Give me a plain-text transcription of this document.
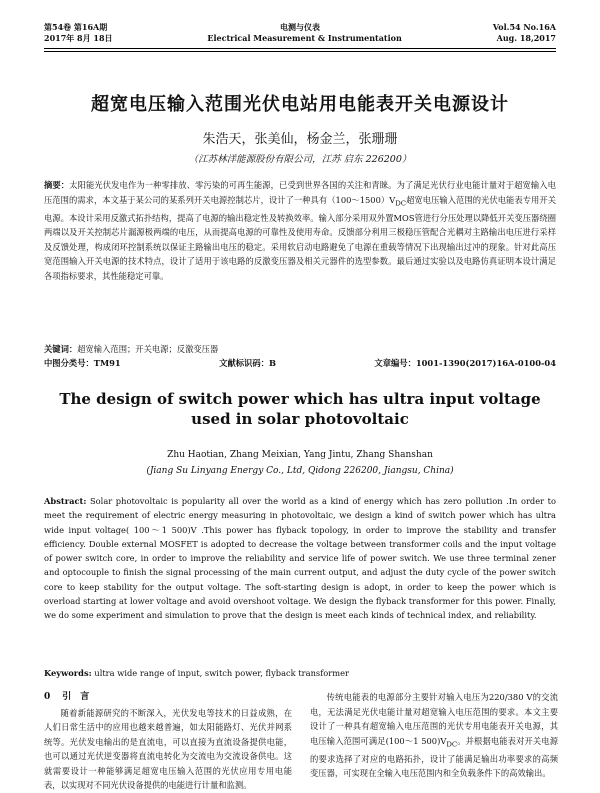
第54卷 第16A期	电测与仪表	Vol.54 No.16A
2017年 8月 18日	Electrical Measurement & Instrumentation	Aug. 18,2017
超宽电压输入范围光伏电站用电能表开关电源设计
朱浩天，张美仙，杨金兰，张珊珊
（江苏林洋能源股份有限公司，江苏 启东 226200）
摘要：太阳能光伏发电作为一种零排放、零污染的可再生能源，已受到世界各国的关注和青睐。为了满足光伏行业电能计量对于超宽输入电压范围的需求，本文基于某公司的某系列开关电源控制芯片，设计了一种具有$(100\sim 1500)V_{DC}$超宽电压输入范围的光伏电能表专用开关电源。本设计采用反激式拓扑结构，提高了电源的输出稳定性及转换效率。输入部分采用双外置MOS管进行分压处理以降低开关变压器绕圈两端以及开关控制芯片漏源极两端的电压，从而提高电源的可靠性及使用寿命。反馈部分利用三极稳压管配合光耦对主路输出电压进行采样及反馈处理，构成闭环控制系统以保证主路输出电压的稳定。采用软启动电路避免了电源在重载等情况下出现输出过冲的现象。针对此高压宽范围输入开关电源的技术特点，设计了适用于该电路的反激变压器及相关元器件的选型参数。最后通过实验以及电路仿真证明本设计满足各项指标要求，其性能稳定可靠。
关键词：超宽输入范围；开关电源；反激变压器
中图分类号：TM91	文献标识码：B	文章编号：1001-1390(2017)16A-0100-04
The design of switch power which has ultra input voltage used in solar photovoltaic
Zhu Haotian, Zhang Meixian, Yang Jintu, Zhang Shanshan
(Jiang Su Linyang Energy Co., Ltd, Qidong 226200, Jiangsu, China)
Abstract: Solar photovoltaic is popularity all over the world as a kind of energy which has zero pollution .In order to meet the requirement of electric energy measuring in photovoltaic, we design a kind of switch power which has ultra wide input voltage( 100～1 500)V .This power has flyback topology, in order to improve the stability and transfer efficiency. Double external MOSFET is adopted to decrease the voltage between transformer coils and the input voltage of power switch core, in order to improve the reliability and service life of power switch. We use three terminal zener and optocouple to finish the signal processing of the main current output, and adjust the duty cycle of the power switch core to keep stability for the output voltage. The soft-starting design is adopt, in order to keep the power which is overload starting at lower voltage and avoid overshoot voltage. We design the flyback transformer for this power. Finally, we do some experiment and simulation to prove that the design is meet each kinds of technical index, and reliability.
Keywords: ultra wide range of input, switch power, flyback transformer
0 引　言
随着新能源研究的不断深入，光伏发电等技术的日益成熟，在人们日常生活中的应用也越来越普遍，如太阳能路灯、光伏并网系统等。光伏发电输出的是直流电，可以直接为直流设备提供电能，也可以通过光伏逆变器将直流电转化为交流电为交流设备供电。这就需要设计一种能够满足超宽电压输入范围的光伏应用专用电能表，以实现对不同光伏设备提供的电能进行计量和监测。
传统电能表的电源部分主要针对输入电压为220/380 V的交流电，无法满足光伏电能计量对超宽输入电压范围的要求。本文主要设计了一种具有超宽输入电压范围的光伏专用电能表开关电源，其电压输入范围可满足(100～1 $500)V_{DC}$。并根据电能表对开关电源的要求选择了对应的电路拓扑，设计了能满足输出功率要求的高频变压器，可实现在全输入电压范围内和全负载条件下的高效输出。
